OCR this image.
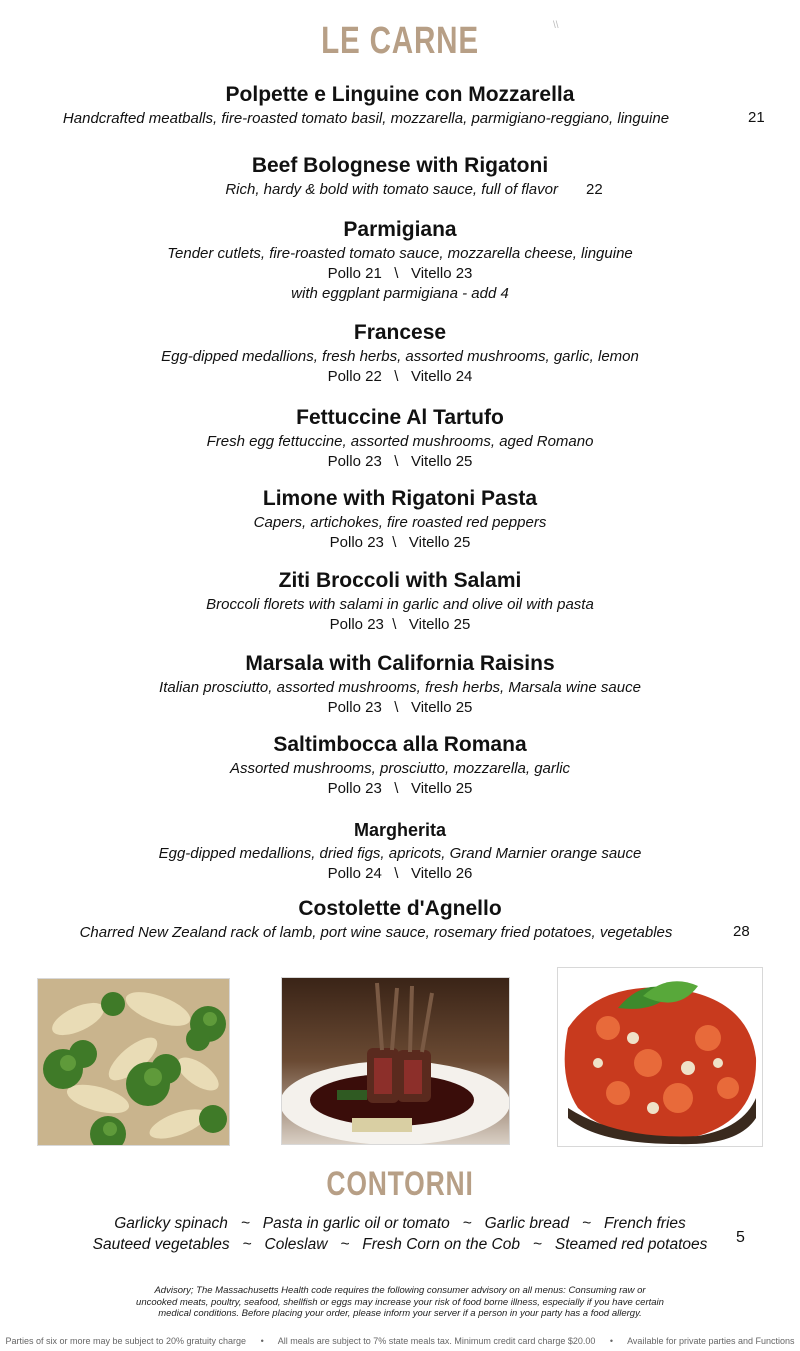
LE CARNE	\\
Polpette e Linguine con Mozzarella
Handcrafted meatballs, fire-roasted tomato basil, mozzarella, parmigiano-reggiano, linguine	21
Beef Bolognese with Rigatoni
Rich, hardy & bold with tomato sauce, full of flavor 22
Parmigiana
Tender cutlets, fire-roasted tomato sauce, mozzarella cheese, linguine
Pollo 21   \   Vitello 23
with eggplant parmigiana - add 4
Francese
Egg-dipped medallions, fresh herbs, assorted mushrooms, garlic, lemon
Pollo 22   \   Vitello 24
Fettuccine Al Tartufo
Fresh egg fettuccine, assorted mushrooms, aged Romano
Pollo 23   \   Vitello 25
Limone with Rigatoni Pasta
Capers, artichokes, fire roasted red peppers
Pollo 23  \   Vitello 25
Ziti Broccoli with Salami
Broccoli florets with salami in garlic and olive oil with pasta
Pollo 23  \   Vitello 25
Marsala with California Raisins
Italian prosciutto, assorted mushrooms, fresh herbs, Marsala wine sauce
Pollo 23   \   Vitello 25
Saltimbocca alla Romana
Assorted mushrooms, prosciutto, mozzarella, garlic
Pollo 23   \   Vitello 25
Margherita
Egg-dipped medallions, dried figs, apricots, Grand Marnier orange sauce
Pollo 24   \   Vitello 26
Costolette d'Agnello
Charred New Zealand rack of lamb, port wine sauce, rosemary fried potatoes, vegetables	28
CONTORNI
Garlicky spinach   ~   Pasta in garlic oil or tomato   ~   Garlic bread   ~   French fries
Sauteed vegetables   ~   Coleslaw   ~   Fresh Corn on the Cob   ~   Steamed red potatoes	5
Advisory; The Massachusetts Health code requires the following consumer advisory on all menus: Consuming raw or
uncooked meats, poultry, seafood, shellfish or eggs may increase your risk of food borne illness, especially if you have certain
medical conditions. Before placing your order, please inform your server if a person in your party has a food allergy.
Parties of six or more may be subject to 20% gratuity charge • All meals are subject to 7% state meals tax. Minimum credit card charge $20.00 • Available for private parties and Functions
